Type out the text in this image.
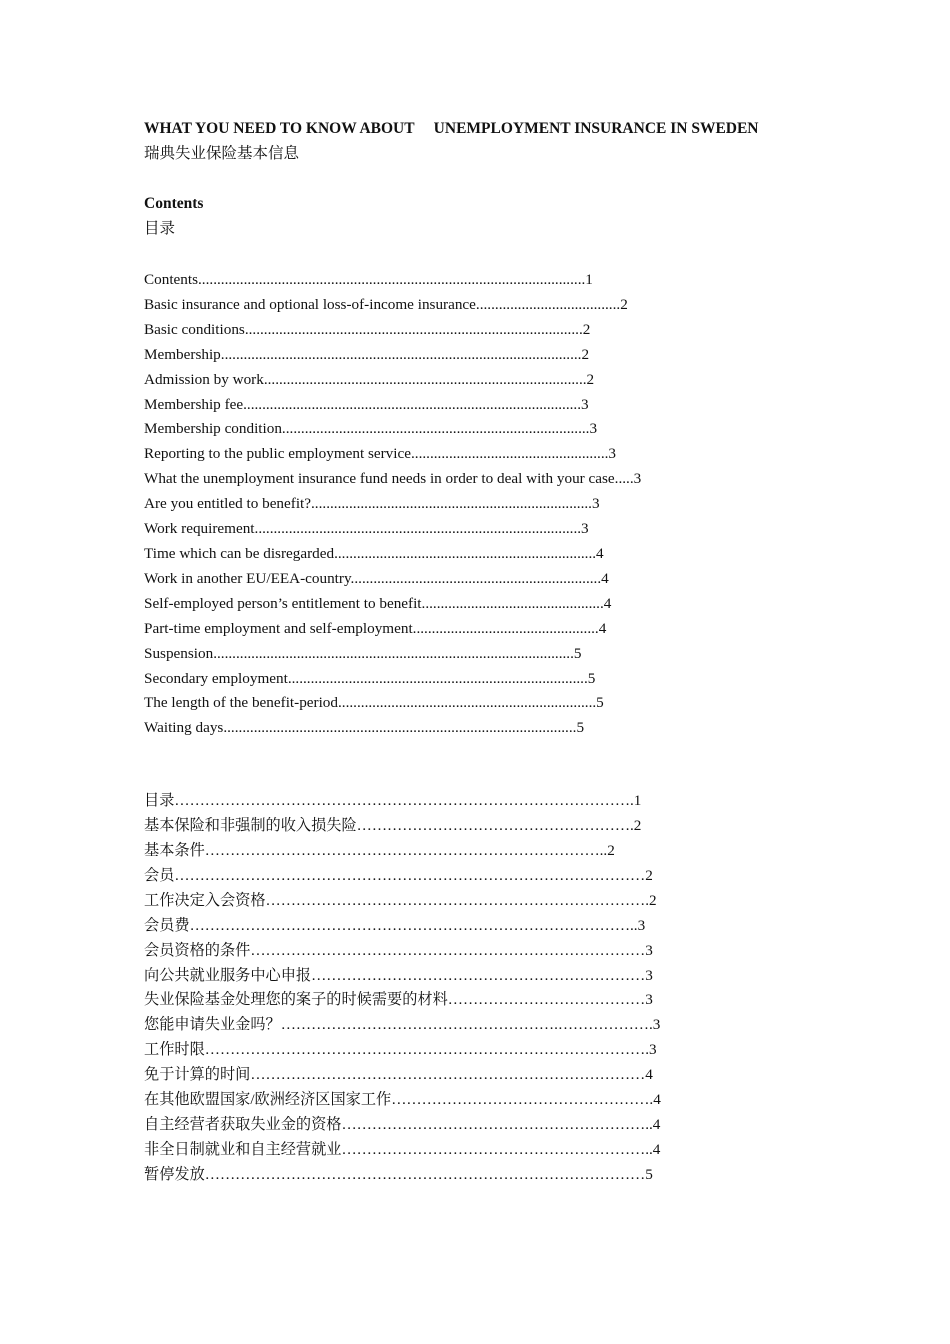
WHAT YOU NEED TO KNOW ABOUT     UNEMPLOYMENT INSURANCE IN SWEDEN

瑞典失业保险基本信息

Contents

目录

Contents......................................................................................................1
Basic insurance and optional loss-of-income insurance......................................2
Basic conditions.........................................................................................2
Membership...............................................................................................2
Admission by work.....................................................................................2
Membership fee.........................................................................................3
Membership condition.................................................................................3
Reporting to the public employment service....................................................3
What the unemployment insurance fund needs in order to deal with your case.....3
Are you entitled to benefit?..........................................................................3
Work requirement......................................................................................3
Time which can be disregarded.....................................................................4
Work in another EU/EEA-country..................................................................4
Self-employed person’s entitlement to benefit................................................4
Part-time employment and self-employment.................................................4
Suspension...............................................................................................5
Secondary employment...............................................................................5
The length of the benefit-period....................................................................5
Waiting days.............................................................................................5
目录……………………………………………………………………………….1
基本保险和非强制的收入损失险……………………………………………….2
基本条件……………………………………………………………………..2
会员…………………………………………………………………………………2
工作决定入会资格………………………………………………………………….2
会员费……………………………………………………………………………..3
会员资格的条件……………………………………………………………………3
向公共就业服务中心申报…………………………………………………………3
失业保险基金处理您的案子的时候需要的材料…………………………………3
您能申请失业金吗？……………………………………………….……………….3
工作时限…………………………………………………………………………….3
免于计算的时间……………………………………………………………………4
在其他欧盟国家/欧洲经济区国家工作…………………………………………….4
自主经营者获取失业金的资格……………………………………………………..4
非全日制就业和自主经营就业……………………………………………………..4
暂停发放……………………………………………………………………………5
